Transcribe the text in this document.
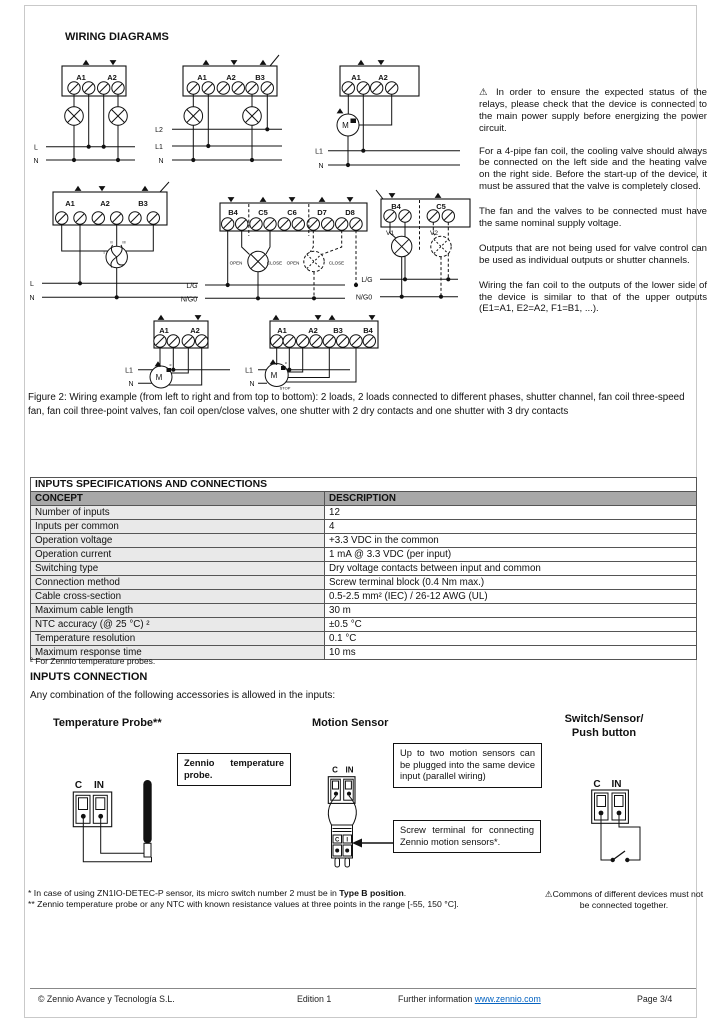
WIRING DIAGRAMS
A1	A2
L
N
A1	A2	B3
L2
L1
N
A1 A2
M
L1
N
A1	A2	B3
I
II III
L
N
B4	C5	C6	D7 D8
OPEN	CLOSE OPEN	CLOSE
L/G
N/G0
B4	C5
V1	V2
L/G
N/G0
A1	A2
M
c
L1
N
A1	A2 B3	B4
M
c
STOP
L1
N

⚠ In order to ensure the expected status of the relays, please check that the device is connected to the main power supply before energizing the power circuit.

For a 4-pipe fan coil, the cooling valve should always be connected on the left side and the heating valve on the right side. Before the start-up of the device, it must be assured that the valve is completely closed.

The fan and the valves to be connected must have the same nominal supply voltage.

Outputs that are not being used for valve control can be used as individual outputs or shutter channels.

Wiring the fan coil to the outputs of the lower side of the device is similar to that of the upper outputs (E1=A1, E2=A2, F1=B1, ...).

Figure 2: Wiring example (from left to right and from top to bottom): 2 loads, 2 loads connected to different phases, shutter channel, fan coil three-speed fan, fan coil three-point valves, fan coil open/close valves, one shutter with 2 dry contacts and one shutter with 3 dry contacts
INPUTS SPECIFICATIONS AND CONNECTIONS	
CONCEPT	DESCRIPTION
Number of inputs	12
Inputs per common	4
Operation voltage	+3.3 VDC in the common
Operation current	1 mA @ 3.3 VDC (per input)
Switching type	Dry voltage contacts between input and common
Connection method	Screw terminal block (0.4 Nm max.)
Cable cross-section	0.5-2.5 mm² (IEC) / 26-12 AWG (UL)
Maximum cable length	30 m
NTC accuracy (@ 25 °C) ²	±0.5 °C
Temperature resolution	0.1 °C
Maximum response time	10 ms
² For Zennio temperature probes.
INPUTS CONNECTION
Any combination of the following accessories is allowed in the inputs:
Temperature Probe**	Motion Sensor	Switch/Sensor/
Push button
C IN
Zennio temperature probe.	C IN
C I
Up to two motion sensors can be plugged into the same device input (parallel wiring)
Screw terminal for connecting Zennio motion sensors*.
C IN
* In case of using ZN1IO-DETEC-P sensor, its micro switch number 2 must be in Type B position.
** Zennio temperature probe or any NTC with known resistance values at three points in the range [-55, 150 °C].
⚠Commons of different devices must not be connected together.
© Zennio Avance y Tecnología S.L.	Edition 1	Further information www.zennio.com	Page 3/4
